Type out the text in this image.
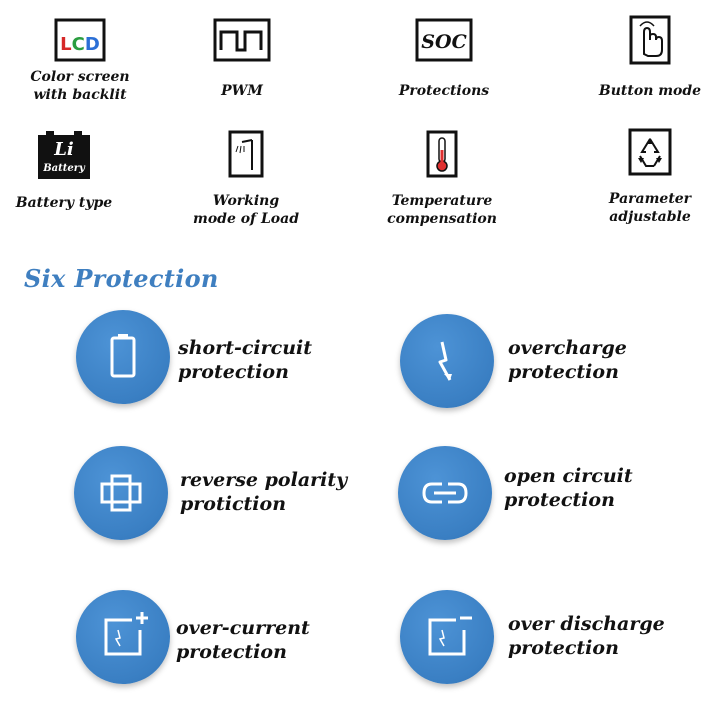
LCD
Color screen
with backlit	PWM
SOC
Protections	Button mode
Li
Battery
Battery type	Working
mode of Load
Temperature
compensation
Parameter
adjustable
Six Protection
short-circuit
protection
overcharge
protection
reverse polarity
protiction
open circuit
protection
over-current
protection
over discharge
protection
